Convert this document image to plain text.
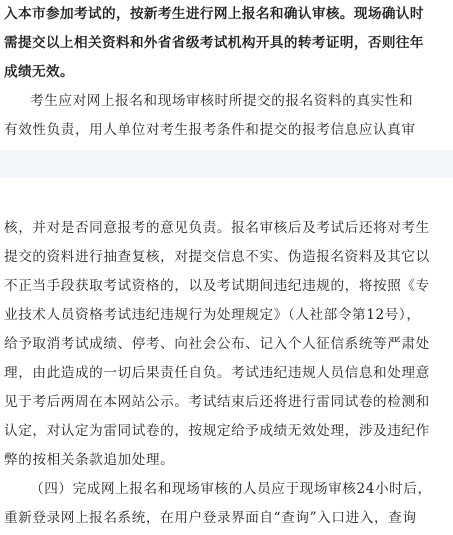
入本市参加考试的，按新考生进行网上报名和确认审核。现场确认时
需提交以上相关资料和外省省级考试机构开具的转考证明，否则往年
成绩无效。
考生应对网上报名和现场审核时所提交的报名资料的真实性和
有效性负责，用人单位对考生报考条件和提交的报考信息应认真审
核，并对是否同意报考的意见负责。报名审核后及考试后还将对考生
提交的资料进行抽查复核，对提交信息不实、伪造报名资料及其它以
不正当手段获取考试资格的，以及考试期间违纪违规的，将按照《专
业技术人员资格考试违纪违规行为处理规定》（人社部令第12号），
给予取消考试成绩、停考、向社会公布、记入个人征信系统等严肃处
理，由此造成的一切后果责任自负。考试违纪违规人员信息和处理意
见于考后两周在本网站公示。考试结束后还将进行雷同试卷的检测和
认定，对认定为雷同试卷的，按规定给予成绩无效处理，涉及违纪作
弊的按相关条款追加处理。
（四）完成网上报名和现场审核的人员应于现场审核24小时后，
重新登录网上报名系统，在用户登录界面自“查询”入口进入，查询
